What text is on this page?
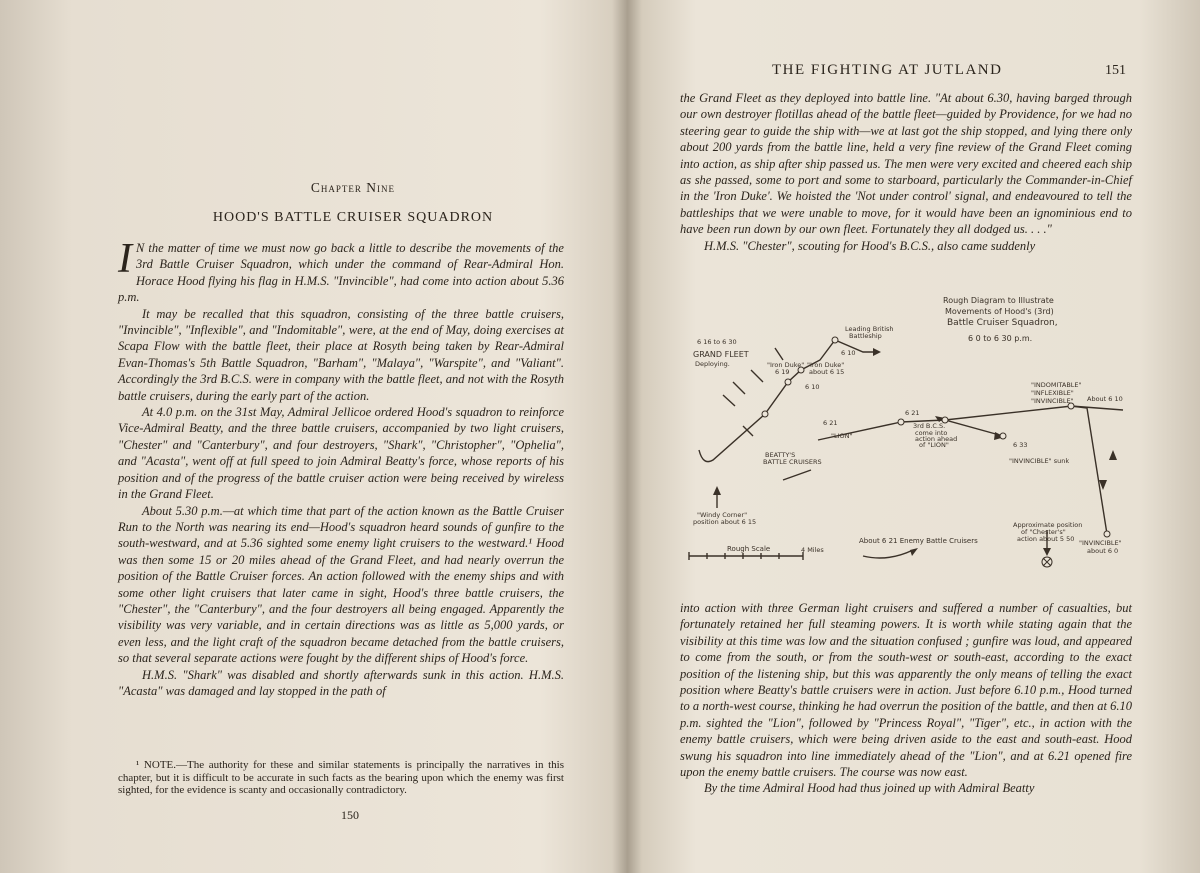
Chapter Nine
HOOD'S BATTLE CRUISER SQUADRON

I N the matter of time we must now go back a little to describe the movements of the 3rd Battle Cruiser Squadron, which under the command of Rear-Admiral Hon. Horace Hood flying his flag in H.M.S. "Invincible", had come into action about 5.36 p.m.

It may be recalled that this squadron, consisting of the three battle cruisers, "Invincible", "Inflexible", and "Indomitable", were, at the end of May, doing exercises at Scapa Flow with the battle fleet, their place at Rosyth being taken by Rear-Admiral Evan-Thomas's 5th Battle Squadron, "Barham", "Malaya", "Warspite", and "Valiant". Accordingly the 3rd B.C.S. were in company with the battle fleet, and not with the Rosyth battle cruisers, during the early part of the action.

At 4.0 p.m. on the 31st May, Admiral Jellicoe ordered Hood's squadron to reinforce Vice-Admiral Beatty, and the three battle cruisers, accompanied by two light cruisers, "Chester" and "Canterbury", and four destroyers, "Shark", "Christopher", "Ophelia", and "Acasta", went off at full speed to join Admiral Beatty's force, whose reports of his position and of the progress of the battle cruiser action were being received by wireless in the Grand Fleet.

About 5.30 p.m.—at which time that part of the action known as the Battle Cruiser Run to the North was nearing its end—Hood's squadron heard sounds of gunfire to the south-westward, and at 5.36 sighted some enemy light cruisers to the westward.¹ Hood was then some 15 or 20 miles ahead of the Grand Fleet, and had nearly overrun the position of the Battle Cruiser forces. An action followed with the enemy ships and with some other light cruisers that later came in sight, Hood's three battle cruisers, the "Chester", the "Canterbury", and the four destroyers all being engaged. Apparently the visibility was very variable, and in certain directions was as little as 5,000 yards, or even less, and the light craft of the squadron became detached from the battle cruisers, so that several separate actions were fought by the different ships of Hood's force.

H.M.S. "Shark" was disabled and shortly afterwards sunk in this action. H.M.S. "Acasta" was damaged and lay stopped in the path of

¹ NOTE.—The authority for these and similar statements is principally the narratives in this chapter, but it is difficult to be accurate in such facts as the bearing upon which the enemy was first sighted, for the evidence is scanty and occasionally contradictory.
150
THE FIGHTING AT JUTLAND	151

the Grand Fleet as they deployed into battle line. "At about 6.30, having barged through our own destroyer flotillas ahead of the battle fleet—guided by Providence, for we had no steering gear to guide the ship with—we at last got the ship stopped, and lying there only about 200 yards from the battle line, held a very fine review of the Grand Fleet coming into action, as ship after ship passed us. The men were very excited and cheered each ship as she passed, some to port and some to starboard, particularly the Commander-in-Chief in the 'Iron Duke'. We hoisted the 'Not under control' signal, and endeavoured to tell the battleships that we were unable to move, for it would have been an ignominious end to have been run down by our own fleet. Fortunately they all dodged us. . . ."

H.M.S. "Chester", scouting for Hood's B.C.S., also came suddenly

Rough Diagram to Illustrate
Movements of Hood's (3rd)
Battle Cruiser Squadron,
6 0 to 6 30 p.m.
6 16 to 6 30
GRAND FLEET
Deploying.
Leading British
Battleship
"Iron Duke"
6 19
"Iron Duke"
about 6 15
6 10
6 10
6 21
"LION"
BEATTY'S
BATTLE CRUISERS
6 21
3rd B.C.S.
come into
action ahead
of "LION"
"INDOMITABLE"
"INFLEXIBLE"
"INVINCIBLE" About 6 10
6 33
"INVINCIBLE" sunk
"Windy Corner"
position about 6 15	Approximate position
of "Chester's"
action about 5 50 "INVINCIBLE"
about 6 0
Rough Scale	4 Miles
About 6 21 Enemy Battle Cruisers

into action with three German light cruisers and suffered a number of casualties, but fortunately retained her full steaming powers. It is worth while stating again that the visibility at this time was low and the situation confused ; gunfire was loud, and appeared to come from the south, or from the south-west or south-east, according to the exact position of the listening ship, but this was apparently the only means of telling the exact position where Beatty's battle cruisers were in action. Just before 6.10 p.m., Hood turned to a north-west course, thinking he had overrun the position of the battle, and then at 6.10 p.m. sighted the "Lion", followed by "Princess Royal", "Tiger", etc., in action with the enemy battle cruisers, which were being driven aside to the east and south-east. Hood swung his squadron into line immediately ahead of the "Lion", and at 6.21 opened fire upon the enemy battle cruisers. The course was now east.

By the time Admiral Hood had thus joined up with Admiral Beatty
